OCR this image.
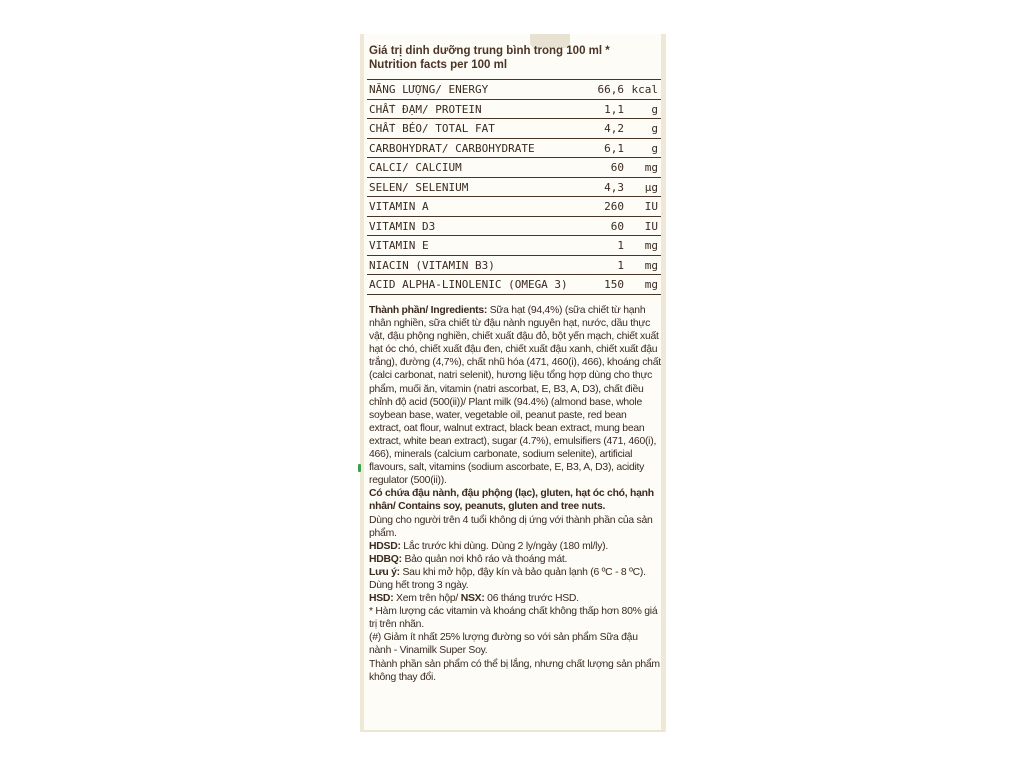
Giá trị dinh dưỡng trung bình trong 100 ml *
Nutrition facts per 100 ml
NĂNG LƯỢNG/ ENERGY	66,6 kcal
CHẤT ĐẠM/ PROTEIN	1,1 g
CHẤT BÉO/ TOTAL FAT	4,2 g
CARBOHYDRAT/ CARBOHYDRATE	6,1 g
CALCI/ CALCIUM	60 mg
SELEN/ SELENIUM	4,3 µg
VITAMIN A	260 IU
VITAMIN D3	60 IU
VITAMIN E	1 mg
NIACIN (VITAMIN B3)	1 mg
ACID ALPHA-LINOLENIC (OMEGA 3)	150 mg

Thành phần/ Ingredients: Sữa hạt (94,4%) (sữa chiết từ hạnh nhân nghiền, sữa chiết từ đậu nành nguyên hạt, nước, dầu thực vật, đậu phộng nghiền, chiết xuất đậu đỏ, bột yến mạch, chiết xuất hạt óc chó, chiết xuất đậu đen, chiết xuất đậu xanh, chiết xuất đậu trắng), đường (4,7%), chất nhũ hóa (471, 460(i), 466), khoáng chất (calci carbonat, natri selenit), hương liệu tổng hợp dùng cho thực phẩm, muối ăn, vitamin (natri ascorbat, E, B3, A, D3), chất điều chỉnh độ acid (500(ii))/ Plant milk (94.4%) (almond base, whole soybean base, water, vegetable oil, peanut paste, red bean extract, oat flour, walnut extract, black bean extract, mung bean extract, white bean extract), sugar (4.7%), emulsifiers (471, 460(i), 466), minerals (calcium carbonate, sodium selenite), artificial flavours, salt, vitamins (sodium ascorbate, E, B3, A, D3), acidity regulator (500(ii)).

Có chứa đậu nành, đậu phộng (lạc), gluten, hạt óc chó, hạnh nhân/ Contains soy, peanuts, gluten and tree nuts.

Dùng cho người trên 4 tuổi không dị ứng với thành phần của sản phẩm.

HDSD: Lắc trước khi dùng. Dùng 2 ly/ngày (180 ml/ly).

HDBQ: Bảo quản nơi khô ráo và thoáng mát.

Lưu ý: Sau khi mở hộp, đậy kín và bảo quản lạnh (6 ºC - 8 ºC). Dùng hết trong 3 ngày.

HSD: Xem trên hộp/ NSX: 06 tháng trước HSD.

* Hàm lượng các vitamin và khoáng chất không thấp hơn 80% giá trị trên nhãn.

(#) Giảm ít nhất 25% lượng đường so với sản phẩm Sữa đậu nành - Vinamilk Super Soy.

Thành phần sản phẩm có thể bị lắng, nhưng chất lượng sản phẩm không thay đổi.
